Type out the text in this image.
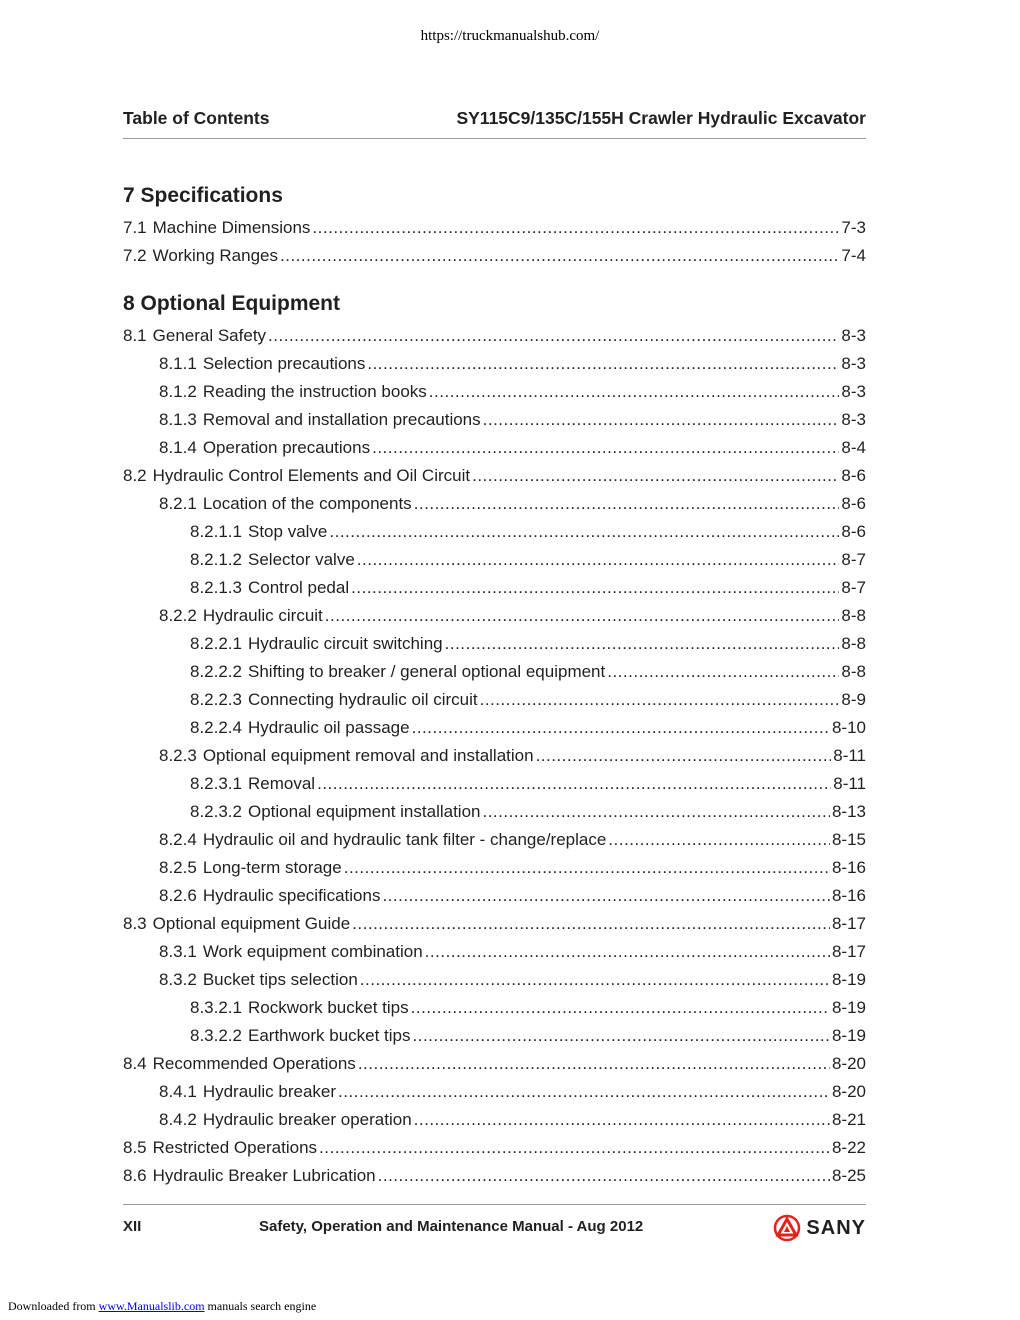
https://truckmanualshub.com/
Table of Contents	SY115C9/135C/155H Crawler Hydraulic Excavator
7 Specifications
7.1 Machine Dimensions .....	7-3
7.2 Working Ranges .....	7-4
8 Optional Equipment
8.1 General Safety .....	8-3
8.1.1 Selection precautions .....	8-3
8.1.2 Reading the instruction books .....	8-3
8.1.3 Removal and installation precautions .....	8-3
8.1.4 Operation precautions .....	8-4
8.2 Hydraulic Control Elements and Oil Circuit .....	8-6
8.2.1 Location of the components .....	8-6
8.2.1.1 Stop valve .....	8-6
8.2.1.2 Selector valve .....	8-7
8.2.1.3 Control pedal .....	8-7
8.2.2 Hydraulic circuit .....	8-8
8.2.2.1 Hydraulic circuit switching .....	8-8
8.2.2.2 Shifting to breaker / general optional equipment .....	8-8
8.2.2.3 Connecting hydraulic oil circuit .....	8-9
8.2.2.4 Hydraulic oil passage .....	8-10
8.2.3 Optional equipment removal and installation .....	8-11
8.2.3.1 Removal .....	8-11
8.2.3.2 Optional equipment installation .....	8-13
8.2.4 Hydraulic oil and hydraulic tank filter - change/replace .....	8-15
8.2.5 Long-term storage .....	8-16
8.2.6 Hydraulic specifications .....	8-16
8.3 Optional equipment Guide .....	8-17
8.3.1 Work equipment combination .....	8-17
8.3.2 Bucket tips selection .....	8-19
8.3.2.1 Rockwork bucket tips .....	8-19
8.3.2.2 Earthwork bucket tips .....	8-19
8.4 Recommended Operations .....	8-20
8.4.1 Hydraulic breaker .....	8-20
8.4.2 Hydraulic breaker operation .....	8-21
8.5 Restricted Operations .....	8-22
8.6 Hydraulic Breaker Lubrication .....	8-25
XII	Safety, Operation and Maintenance Manual - Aug 2012	SANY
Downloaded from www.Manualslib.com manuals search engine
